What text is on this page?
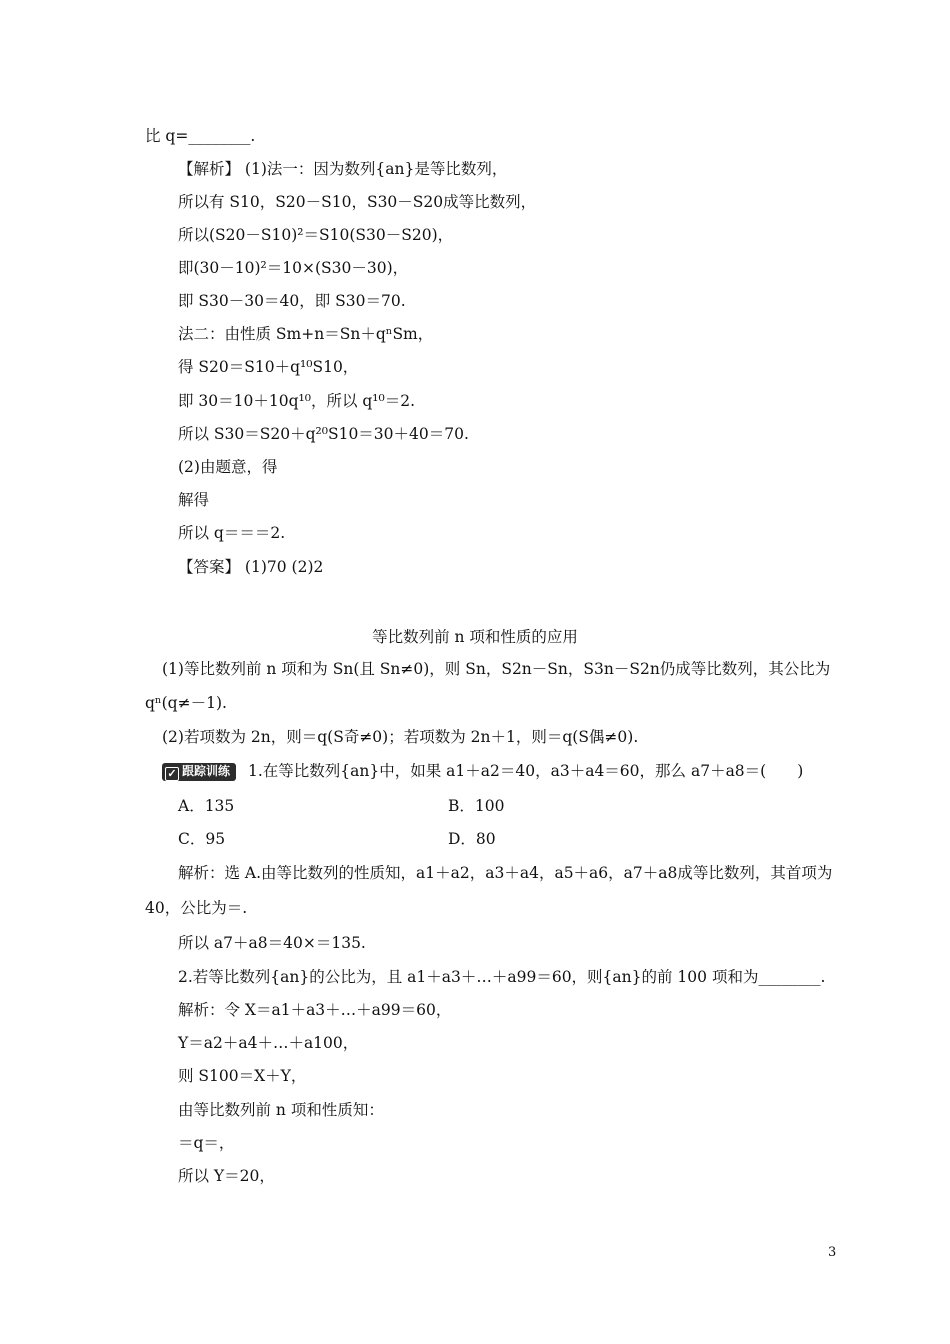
比 q=________.
【解析】 (1)法一：因为数列{an}是等比数列，
所以有 S10，S20－S10，S30－S20成等比数列，
所以(S20－S10)²＝S10(S30－S20)，
即(30－10)²＝10×(S30－30)，
即 S30－30＝40，即 S30＝70.
法二：由性质 Sm+n＝Sn＋qⁿSm，
得 S20＝S10＋q¹⁰S10，
即 30＝10＋10q¹⁰，所以 q¹⁰＝2.
所以 S30＝S20＋q²⁰S10＝30＋40＝70.
(2)由题意，得
解得
所以 q＝＝＝2.
【答案】 (1)70 (2)2
等比数列前 n 项和性质的应用
(1)等比数列前 n 项和为 Sn(且 Sn≠0)，则 Sn，S2n－Sn，S3n－S2n仍成等比数列，其公比为
qⁿ(q≠－1).
(2)若项数为 2n，则＝q(S奇≠0)；若项数为 2n＋1，则＝q(S偶≠0).
✓ 跟踪训练 1.在等比数列{an}中，如果 a1＋a2＝40，a3＋a4＝60，那么 a7＋a8＝(　　)
A．135	B．100
C．95	D．80
解析：选 A.由等比数列的性质知，a1＋a2，a3＋a4，a5＋a6，a7＋a8成等比数列，其首项为
40，公比为＝.
所以 a7＋a8＝40×＝135.
2.若等比数列{an}的公比为，且 a1＋a3＋…＋a99＝60，则{an}的前 100 项和为________.
解析：令 X＝a1＋a3＋…＋a99＝60，
Y＝a2＋a4＋…＋a100，
则 S100＝X＋Y，
由等比数列前 n 项和性质知：
＝q＝，
所以 Y＝20，
3
